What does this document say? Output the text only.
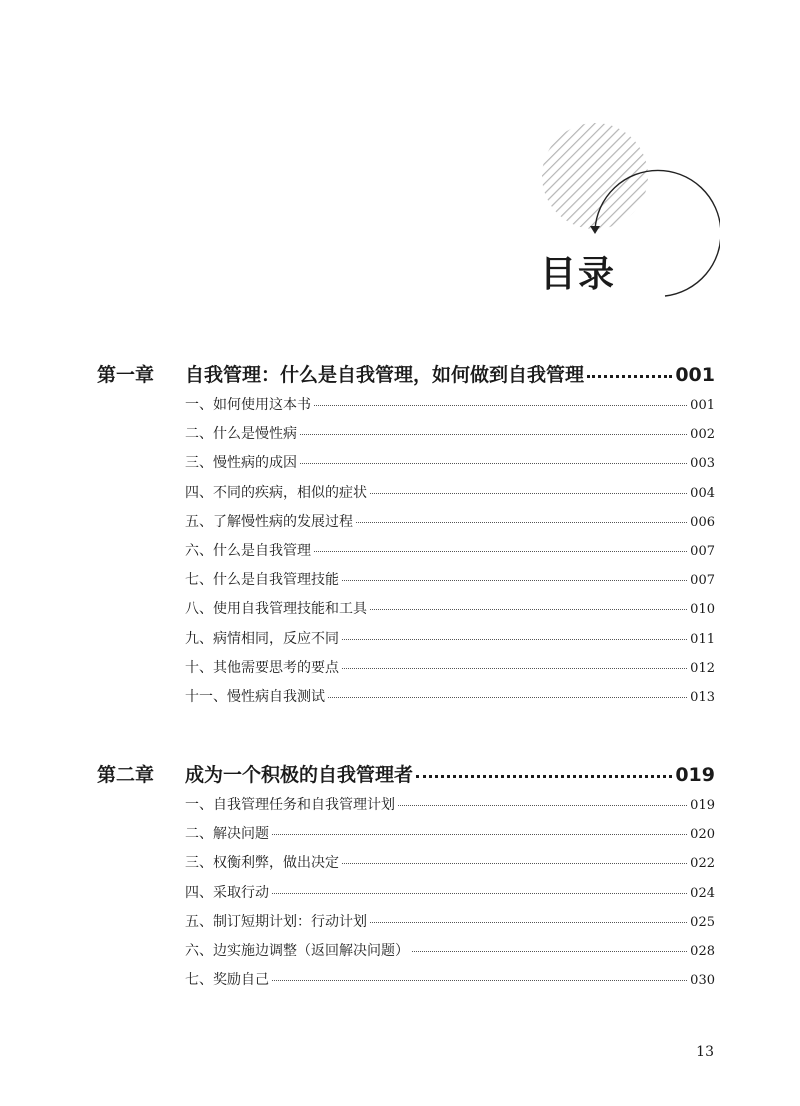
目录
第一章	自我管理：什么是自我管理，如何做到自我管理	001
一、如何使用这本书	001
二、什么是慢性病	002
三、慢性病的成因	003
四、不同的疾病，相似的症状	004
五、了解慢性病的发展过程	006
六、什么是自我管理	007
七、什么是自我管理技能	007
八、使用自我管理技能和工具	010
九、病情相同，反应不同	011
十、其他需要思考的要点	012
十一、慢性病自我测试	013
第二章	成为一个积极的自我管理者	019
一、自我管理任务和自我管理计划	019
二、解决问题	020
三、权衡利弊，做出决定	022
四、采取行动	024
五、制订短期计划：行动计划	025
六、边实施边调整（返回解决问题）	028
七、奖励自己	030
13
